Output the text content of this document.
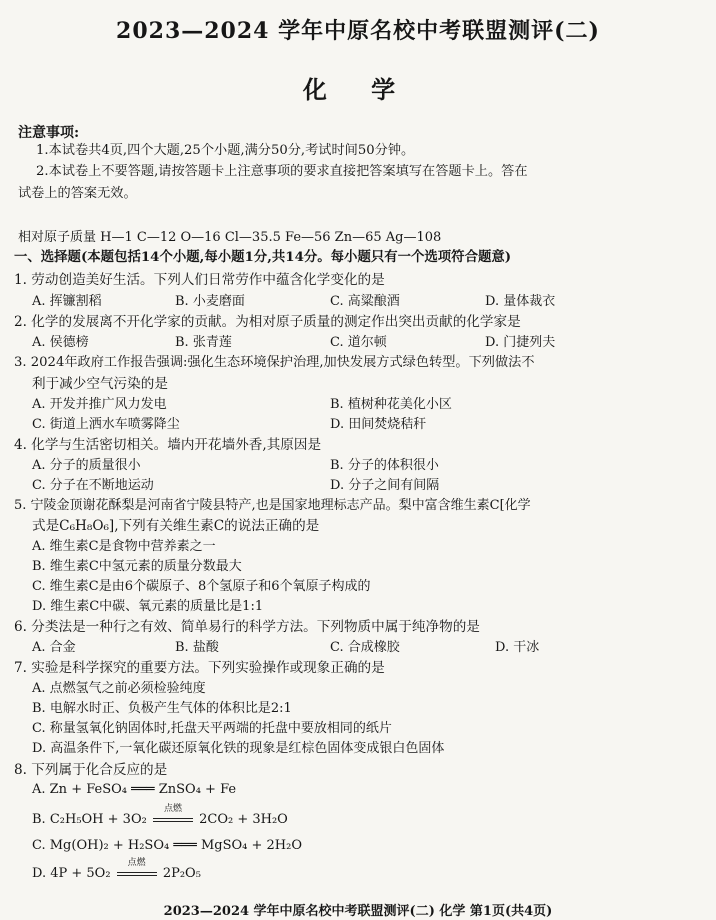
2023—2024 学年中原名校中考联盟测评(二)
化 学
注意事项:
1.本试卷共4页,四个大题,25个小题,满分50分,考试时间50分钟。
2.本试卷上不要答题,请按答题卡上注意事项的要求直接把答案填写在答题卡上。答在
试卷上的答案无效。
相对原子质量 H—1 C—12 O—16 Cl—35.5 Fe—56 Zn—65 Ag—108
一、选择题(本题包括14个小题,每小题1分,共14分。每小题只有一个选项符合题意)
1. 劳动创造美好生活。下列人们日常劳作中蕴含化学变化的是
A. 挥镰割稻	B. 小麦磨面	C. 高粱酿酒	D. 量体裁衣
2. 化学的发展离不开化学家的贡献。为相对原子质量的测定作出突出贡献的化学家是
A. 侯德榜	B. 张青莲	C. 道尔顿	D. 门捷列夫
3. 2024年政府工作报告强调:强化生态环境保护治理,加快发展方式绿色转型。下列做法不
利于减少空气污染的是
A. 开发并推广风力发电	B. 植树种花美化小区
C. 街道上洒水车喷雾降尘	D. 田间焚烧秸秆
4. 化学与生活密切相关。墙内开花墙外香,其原因是
A. 分子的质量很小	B. 分子的体积很小
C. 分子在不断地运动	D. 分子之间有间隔
5. 宁陵金顶谢花酥梨是河南省宁陵县特产,也是国家地理标志产品。梨中富含维生素C[化学
式是C₆H₈O₆],下列有关维生素C的说法正确的是
A. 维生素C是食物中营养素之一
B. 维生素C中氢元素的质量分数最大
C. 维生素C是由6个碳原子、8个氢原子和6个氧原子构成的
D. 维生素C中碳、氧元素的质量比是1:1
6. 分类法是一种行之有效、简单易行的科学方法。下列物质中属于纯净物的是
A. 合金	B. 盐酸	C. 合成橡胶	D. 干冰
7. 实验是科学探究的重要方法。下列实验操作或现象正确的是
A. 点燃氢气之前必须检验纯度
B. 电解水时正、负极产生气体的体积比是2:1
C. 称量氢氧化钠固体时,托盘天平两端的托盘中要放相同的纸片
D. 高温条件下,一氧化碳还原氧化铁的现象是红棕色固体变成银白色固体
8. 下列属于化合反应的是
A. Zn + FeSO₄ ═══ ZnSO₄ + Fe
B. C₂H₅OH + 3O₂
点燃
2CO₂ + 3H₂O
C. Mg(OH)₂ + H₂SO₄ ═══ MgSO₄ + 2H₂O
D. 4P + 5O₂
点燃
2P₂O₅
2023—2024 学年中原名校中考联盟测评(二) 化学 第1页(共4页)
